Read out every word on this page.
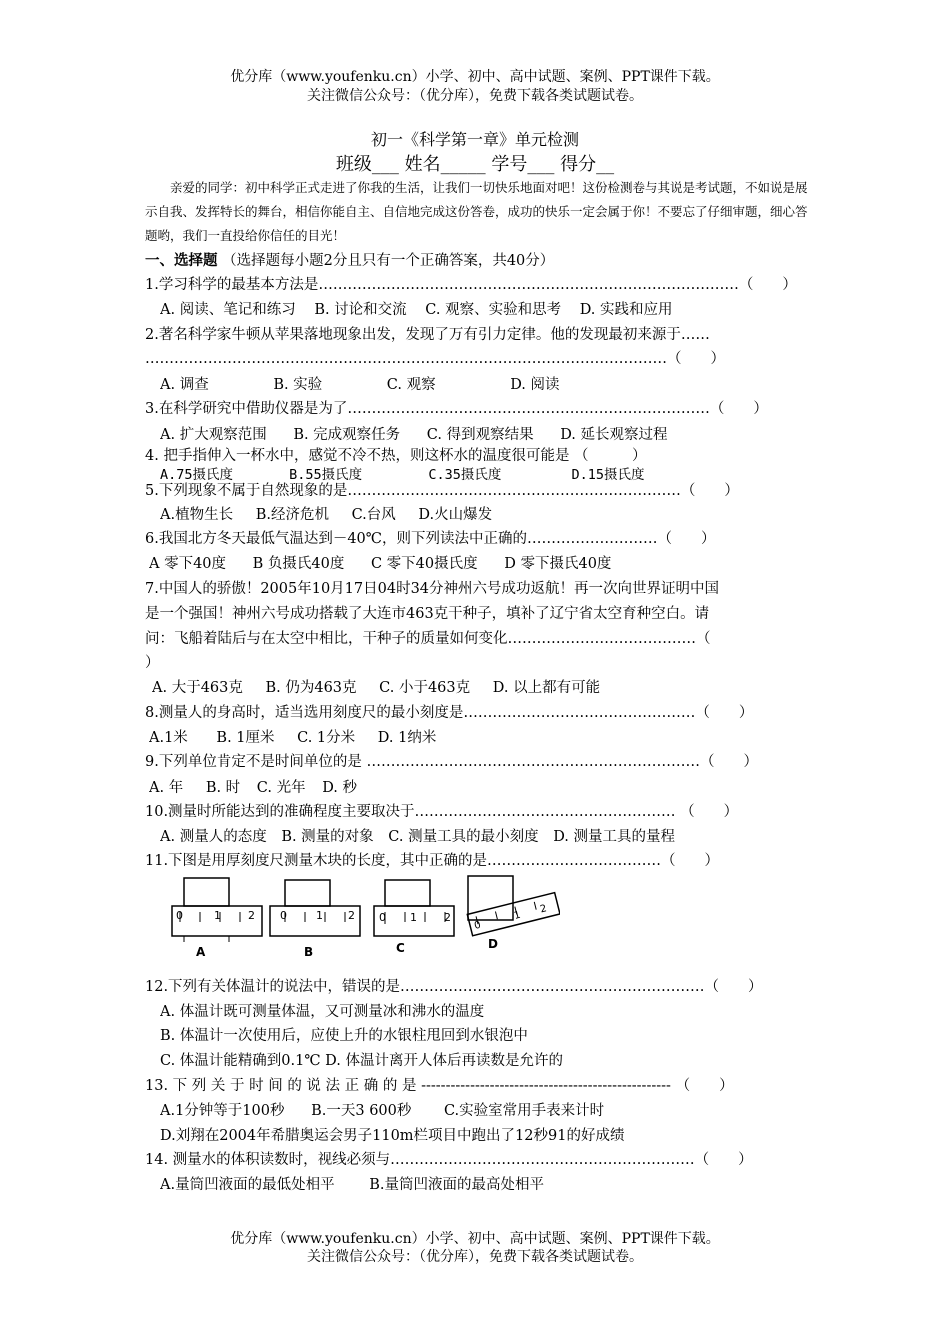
优分库（www.youfenku.cn）小学、初中、高中试题、案例、PPT课件下载。
关注微信公众号：（优分库），免费下载各类试题试卷。
初一《科学第一章》单元检测
班级___ 姓名_____ 学号___ 得分__
亲爱的同学：初中科学正式走进了你我的生活，让我们一切快乐地面对吧！这份检测卷与其说是考试题，不如说是展示自我、发挥特长的舞台，相信你能自主、自信地完成这份答卷，成功的快乐一定会属于你！不要忘了仔细审题，细心答题哟，我们一直投给你信任的目光！
一、选择题 （选择题每小题2分且只有一个正确答案，共40分）
1.学习科学的最基本方法是……………………………………………………………………………（　　）
A. 阅读、笔记和练习 B. 讨论和交流 C. 观察、实验和思考 D. 实践和应用
2.著名科学家牛顿从苹果落地现象出发，发现了万有引力定律。他的发现最初来源于……
………………………………………………………………………………………………（　　）
A. 调查	B. 实验	C. 观察	D. 阅读
3.在科学研究中借助仪器是为了…………………………………………………………………（　　）
A. 扩大观察范围 B. 完成观察任务 C. 得到观察结果 D. 延长观察过程
4. 把手指伸入一杯水中，感觉不冷不热，则这杯水的温度很可能是 （　　　）
A.75摄氏度	B.55摄氏度	C.35摄氏度	D.15摄氏度
5.下列现象不属于自然现象的是……………………………………………………………（　　）
A.植物生长 B.经济危机 C.台风 D.火山爆发
6.我国北方冬天最低气温达到－40℃，则下列读法中正确的………………………（　　）
A 零下40度 B 负摄氏40度 C 零下40摄氏度 D 零下摄氏40度
7.中国人的骄傲！2005年10月17日04时34分神州六号成功返航！再一次向世界证明中国
是一个强国！神州六号成功搭载了大连市463克干种子，填补了辽宁省太空育种空白。请
问：飞船着陆后与在太空中相比，干种子的质量如何变化…………………………………（
）
A. 大于463克 B. 仍为463克 C. 小于463克 D. 以上都有可能
8.测量人的身高时，适当选用刻度尺的最小刻度是…………………………………………（　　）
A.1米 B. 1厘米 C. 1分米 D. 1纳米
9.下列单位肯定不是时间单位的是 ……………………………………………………………（　　）
A. 年 B. 时 C. 光年 D. 秒
10.测量时所能达到的准确程度主要取决于……………………………………………… （　　）
A. 测量人的态度 B. 测量的对象 C. 测量工具的最小刻度 D. 测量工具的量程
11.下图是用厚刻度尺测量木块的长度，其中正确的是………………………………（　　）
0	1 2
A
0	1 2
B
0 1 2
C
0
1
2
D
12.下列有关体温计的说法中，错误的是………………………………………………………（　　）
A. 体温计既可测量体温，又可测量冰和沸水的温度
B. 体温计一次使用后，应使上升的水银柱甩回到水银泡中
C. 体温计能精确到0.1℃ D. 体温计离开人体后再读数是允许的
13. 下 列 关 于 时 间 的 说 法 正 确 的 是 --------------------------------------------------- （　　）
A.1分钟等于100秒 B.一天3 600秒 C.实验室常用手表来计时
D.刘翔在2004年希腊奥运会男子110m栏项目中跑出了12秒91的好成绩
14. 测量水的体积读数时，视线必须与………………………………………………………（　　）
A.量筒凹液面的最低处相平 B.量筒凹液面的最高处相平
优分库（www.youfenku.cn）小学、初中、高中试题、案例、PPT课件下载。
关注微信公众号：（优分库），免费下载各类试题试卷。
